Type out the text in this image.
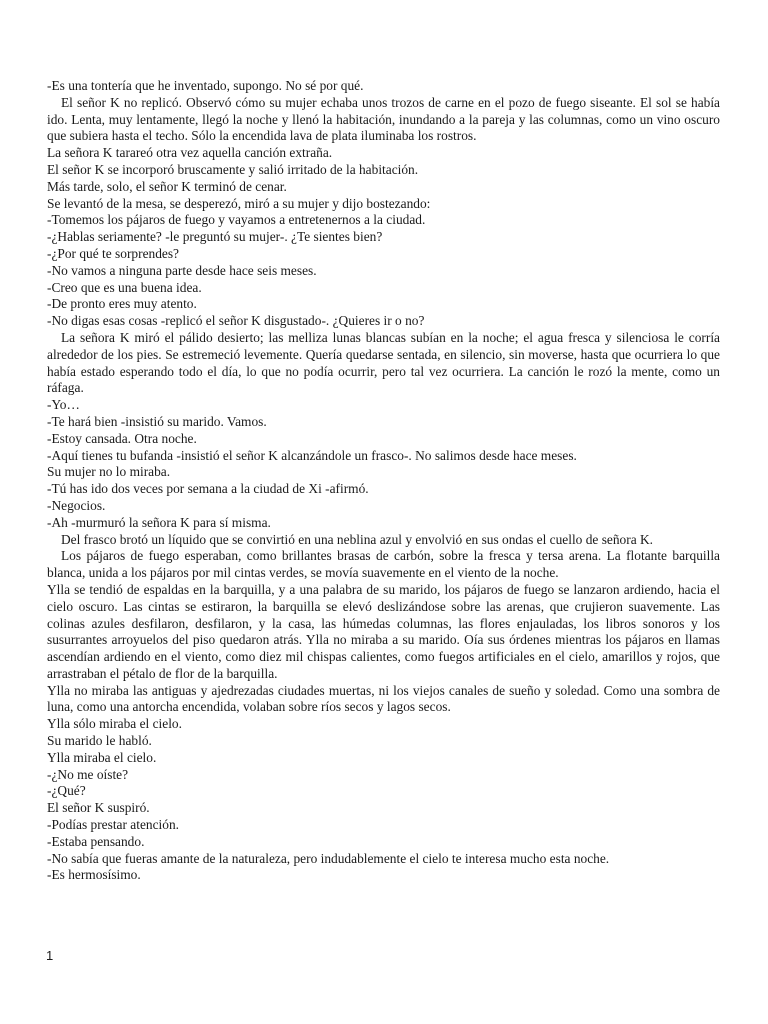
-Es una tontería que he inventado, supongo. No sé por qué.

El señor K no replicó. Observó cómo su mujer echaba unos trozos de carne en el pozo de fuego siseante. El sol se había ido. Lenta, muy lentamente, llegó la noche y llenó la habitación, inundando a la pareja y las columnas, como un vino oscuro que subiera hasta el techo. Sólo la encendida lava de plata iluminaba los rostros.

La señora K tarareó otra vez aquella canción extraña.

El señor K se incorporó bruscamente y salió irritado de la habitación.

Más tarde, solo, el señor K terminó de cenar.

Se levantó de la mesa, se desperezó, miró a su mujer y dijo bostezando:

-Tomemos los pájaros de fuego y vayamos a entretenernos a la ciudad.

-¿Hablas seriamente? -le preguntó su mujer-. ¿Te sientes bien?

-¿Por qué te sorprendes?

-No vamos a ninguna parte desde hace seis meses.

-Creo que es una buena idea.

-De pronto eres muy atento.

-No digas esas cosas -replicó el señor K disgustado-. ¿Quieres ir o no?

La señora K miró el pálido desierto; las melliza lunas blancas subían en la noche; el agua fresca y silenciosa le corría alrededor de los pies. Se estremeció levemente. Quería quedarse sentada, en silencio, sin moverse, hasta que ocurriera lo que había estado esperando todo el día, lo que no podía ocurrir, pero tal vez ocurriera. La canción le rozó la mente, como un ráfaga.

-Yo…

-Te hará bien -insistió su marido. Vamos.

-Estoy cansada. Otra noche.

-Aquí tienes tu bufanda -insistió el señor K alcanzándole un frasco-. No salimos desde hace meses.

Su mujer no lo miraba.

-Tú has ido dos veces por semana a la ciudad de Xi -afirmó.

-Negocios.

-Ah -murmuró la señora K para sí misma.

Del frasco brotó un líquido que se convirtió en una neblina azul y envolvió en sus ondas el cuello de señora K.

Los pájaros de fuego esperaban, como brillantes brasas de carbón, sobre la fresca y tersa arena. La flotante barquilla blanca, unida a los pájaros por mil cintas verdes, se movía suavemente en el viento de la noche.

Ylla se tendió de espaldas en la barquilla, y a una palabra de su marido, los pájaros de fuego se lanzaron ardiendo, hacia el cielo oscuro. Las cintas se estiraron, la barquilla se elevó deslizándose sobre las arenas, que crujieron suavemente. Las colinas azules desfilaron, desfilaron, y la casa, las húmedas columnas, las flores enjauladas, los libros sonoros y los susurrantes arroyuelos del piso quedaron atrás. Ylla no miraba a su marido. Oía sus órdenes mientras los pájaros en llamas ascendían ardiendo en el viento, como diez mil chispas calientes, como fuegos artificiales en el cielo, amarillos y rojos, que arrastraban el pétalo de flor de la barquilla.

Ylla no miraba las antiguas y ajedrezadas ciudades muertas, ni los viejos canales de sueño y soledad. Como una sombra de luna, como una antorcha encendida, volaban sobre ríos secos y lagos secos.

Ylla sólo miraba el cielo.

Su marido le habló.

Ylla miraba el cielo.

-¿No me oíste?

-¿Qué?

El señor K suspiró.

-Podías prestar atención.

-Estaba pensando.

-No sabía que fueras amante de la naturaleza, pero indudablemente el cielo te interesa mucho esta noche.

-Es hermosísimo.

1
